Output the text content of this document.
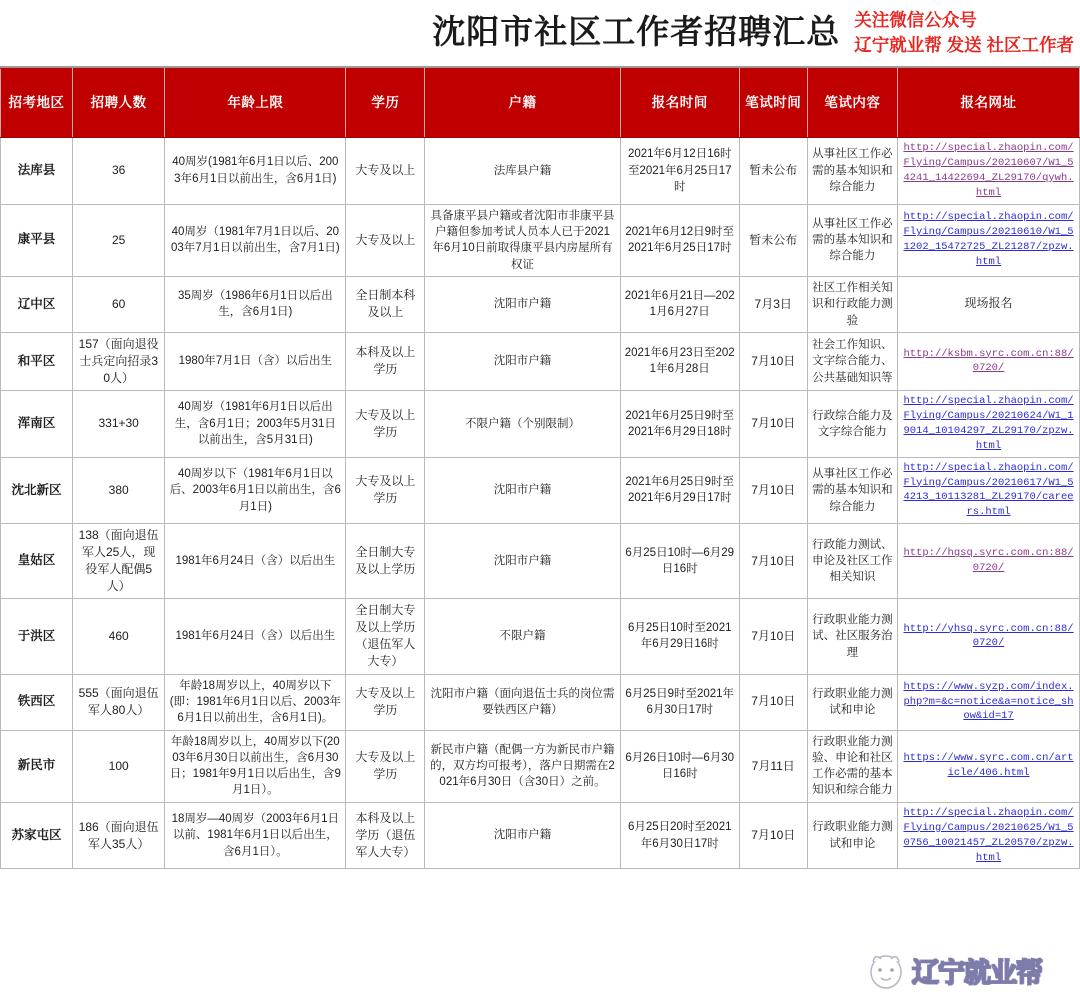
沈阳市社区工作者招聘汇总 关注微信公众号
辽宁就业帮 发送 社区工作者
招考地区	招聘人数	年龄上限	学历	户籍	报名时间	笔试时间	笔试内容	报名网址
法库县	36	40周岁(1981年6月1日以后、2003年6月1日以前出生，含6月1日)	大专及以上	法库县户籍	2021年6月12日16时至2021年6月25日17时	暂未公布	从事社区工作必需的基本知识和综合能力	http://special.zhaopin.com/Flying/Campus/20210607/W1_54241_14422694_ZL29170/qywh.html
康平县	25	40周岁（1981年7月1日以后、2003年7月1日以前出生，含7月1日)	大专及以上	具备康平县户籍或者沈阳市非康平县户籍但参加考试人员本人已于2021年6月10日前取得康平县内房屋所有权证	2021年6月12日9时至2021年6月25日17时	暂未公布	从事社区工作必需的基本知识和综合能力	http://special.zhaopin.com/Flying/Campus/20210610/W1_51202_15472725_ZL21287/zpzw.html
辽中区	60	35周岁（1986年6月1日以后出生，含6月1日)	全日制本科及以上	沈阳市户籍	2021年6月21日—2021月6月27日	7月3日	社区工作相关知识和行政能力测验	现场报名
和平区	157（面向退役士兵定向招录30人）	1980年7月1日（含）以后出生	本科及以上学历	沈阳市户籍	2021年6月23日至2021年6月28日	7月10日	社会工作知识、文字综合能力、公共基础知识等	http://ksbm.syrc.com.cn:88/0720/
浑南区	331+30	40周岁（1981年6月1日以后出生，含6月1日；2003年5月31日以前出生，含5月31日)	大专及以上学历	不限户籍（个别限制）	2021年6月25日9时至2021年6月29日18时	7月10日	行政综合能力及文字综合能力	http://special.zhaopin.com/Flying/Campus/20210624/W1_19014_10104297_ZL29170/zpzw.html
沈北新区	380	40周岁以下（1981年6月1日以后、2003年6月1日以前出生，含6月1日)	大专及以上学历	沈阳市户籍	2021年6月25日9时至2021年6月29日17时	7月10日	从事社区工作必需的基本知识和综合能力	http://special.zhaopin.com/Flying/Campus/20210617/W1_54213_10113281_ZL29170/careers.html
皇姑区	138（面向退伍军人25人，现役军人配偶5人）	1981年6月24日（含）以后出生	全日制大专及以上学历	沈阳市户籍	6月25日10时—6月29日16时	7月10日	行政能力测试、申论及社区工作相关知识	http://hgsq.syrc.com.cn:88/0720/
于洪区	460	1981年6月24日（含）以后出生	全日制大专及以上学历（退伍军人大专）	不限户籍	6月25日10时至2021年6月29日16时	7月10日	行政职业能力测试、社区服务治理	http://yhsq.syrc.com.cn:88/0720/
铁西区	555（面向退伍军人80人）	年龄18周岁以上，40周岁以下(即：1981年6月1日以后、2003年6月1日以前出生，含6月1日)。	大专及以上学历	沈阳市户籍（面向退伍士兵的岗位需要铁西区户籍）	6月25日9时至2021年6月30日17时	7月10日	行政职业能力测试和申论	https://www.syzp.com/index.php?m=&c=notice&a=notice_show&id=17
新民市	100	年龄18周岁以上，40周岁以下(2003年6月30日以前出生，含6月30日；1981年9月1日以后出生，含9月1日）。	大专及以上学历	新民市户籍（配偶一方为新民市户籍的，双方均可报考），落户日期需在2021年6月30日（含30日）之前。	6月26日10时—6月30日16时	7月11日	行政职业能力测验、申论和社区工作必需的基本知识和综合能力	https://www.syrc.com.cn/article/406.html
苏家屯区	186（面向退伍军人35人）	18周岁—40周岁（2003年6月1日以前、1981年6月1日以后出生，含6月1日）。	本科及以上学历（退伍军人大专）	沈阳市户籍	6月25日20时至2021年6月30日17时	7月10日	行政职业能力测试和申论	http://special.zhaopin.com/Flying/Campus/20210625/W1_50756_10021457_ZL20570/zpzw.html
辽宁就业帮
